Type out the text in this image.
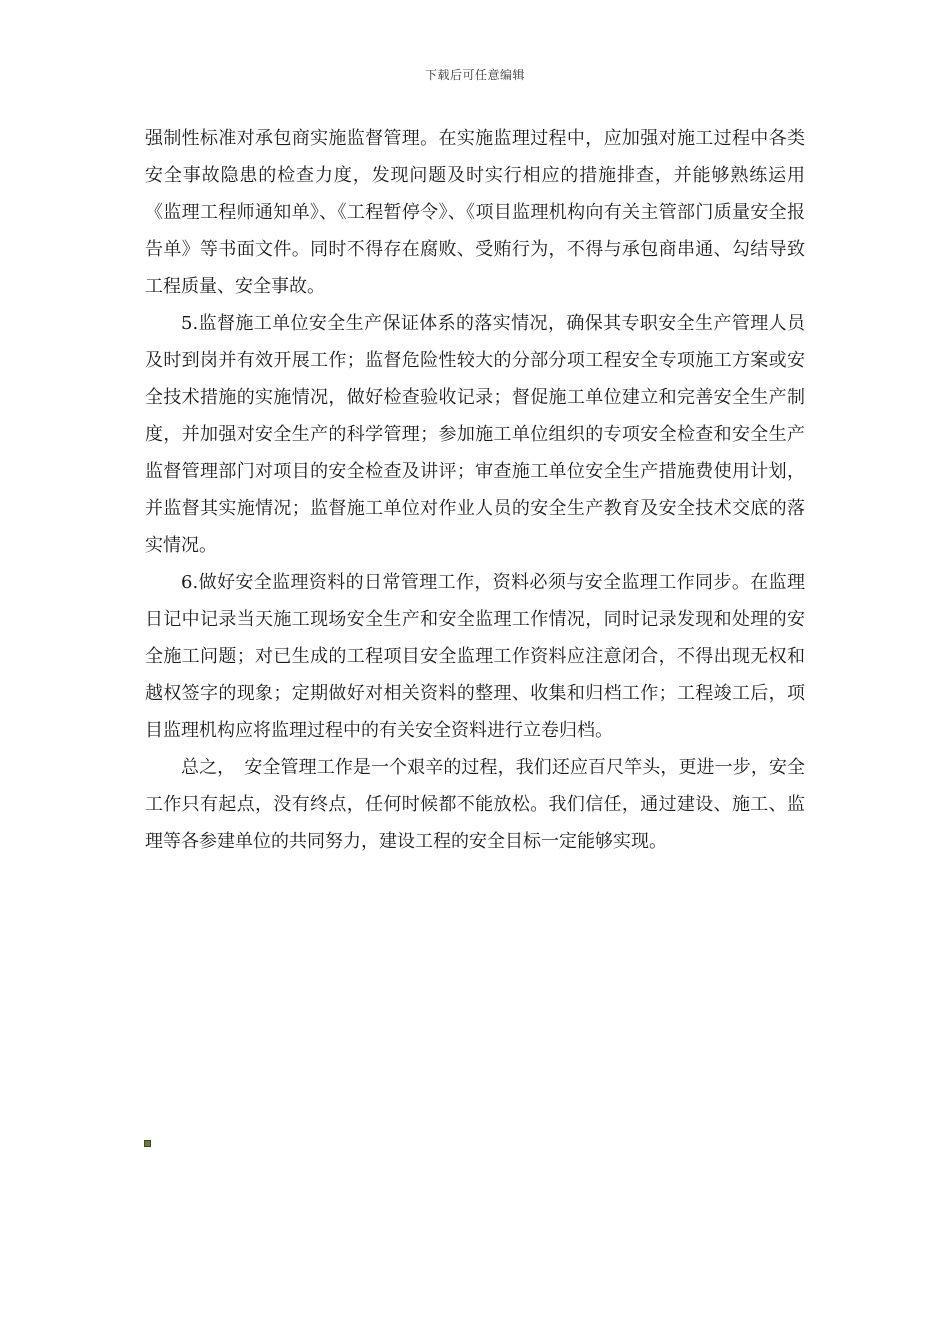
下载后可任意编辑

强制性标准对承包商实施监督管理。在实施监理过程中，应加强对施工过程中各类安全事故隐患的检查力度，发现问题及时实行相应的措施排查，并能够熟练运用《监理工程师通知单》、《工程暂停令》、《项目监理机构向有关主管部门质量安全报告单》等书面文件。同时不得存在腐败、受贿行为，不得与承包商串通、勾结导致工程质量、安全事故。

5.监督施工单位安全生产保证体系的落实情况，确保其专职安全生产管理人员及时到岗并有效开展工作；监督危险性较大的分部分项工程安全专项施工方案或安全技术措施的实施情况，做好检查验收记录；督促施工单位建立和完善安全生产制度，并加强对安全生产的科学管理；参加施工单位组织的专项安全检查和安全生产监督管理部门对项目的安全检查及讲评；审查施工单位安全生产措施费使用计划，并监督其实施情况；监督施工单位对作业人员的安全生产教育及安全技术交底的落实情况。

6.做好安全监理资料的日常管理工作，资料必须与安全监理工作同步。在监理日记中记录当天施工现场安全生产和安全监理工作情况，同时记录发现和处理的安全施工问题；对已生成的工程项目安全监理工作资料应注意闭合，不得出现无权和越权签字的现象；定期做好对相关资料的整理、收集和归档工作；工程竣工后，项目监理机构应将监理过程中的有关安全资料进行立卷归档。

总之，　安全管理工作是一个艰辛的过程，我们还应百尺竿头，更进一步，安全工作只有起点，没有终点，任何时候都不能放松。我们信任，通过建设、施工、监理等各参建单位的共同努力，建设工程的安全目标一定能够实现。
